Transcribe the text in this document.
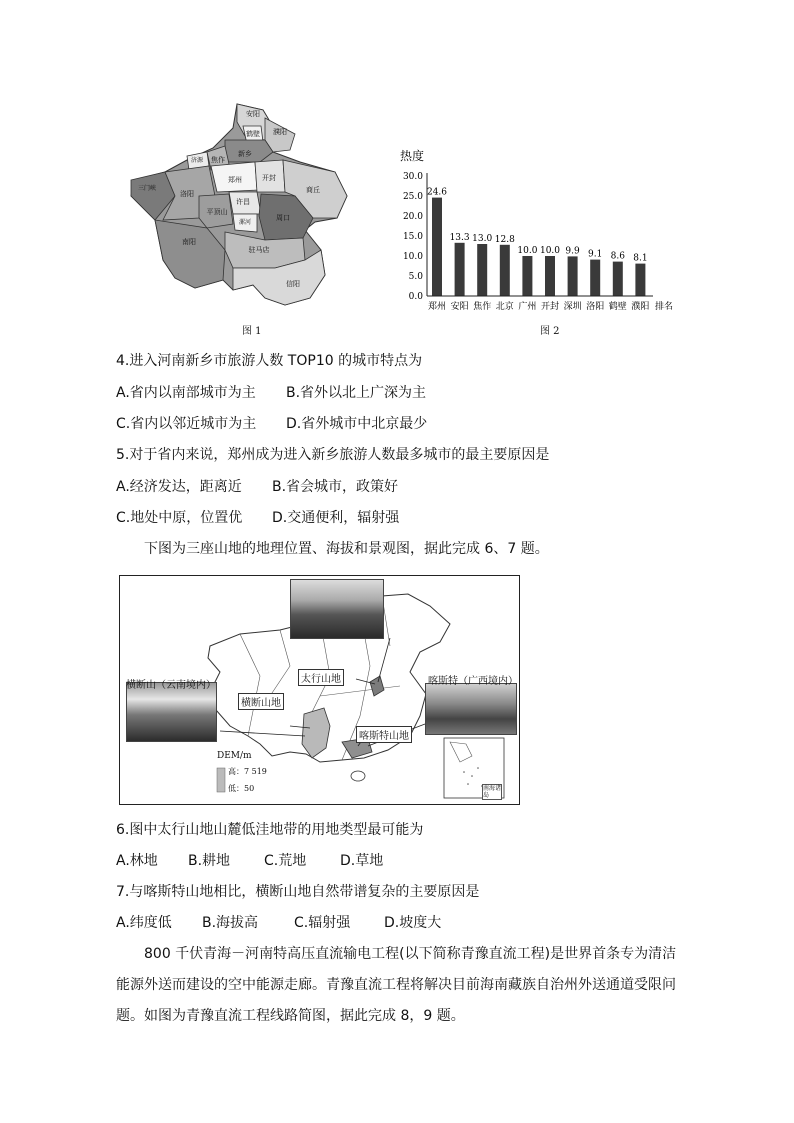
安阳
鹤壁 濮阳
济源 焦作
新乡
三门峡
洛阳
郑州	开封
商丘
许昌
平顶山
漯河
周口
南阳
驻马店
信阳
图 1
热度
30.0
25.0
20.0
15.0
10.0
5.0
0.0
24.6
13.3 13.0 12.8
10.0 10.0 9.9 9.1 8.6 8.1
郑州 安阳 焦作 北京 广州 开封 深圳 洛阳 鹤壁 濮阳 排名
图 2
4.进入河南新乡市旅游人数 TOP10 的城市特点为
A.省内以南部城市为主 B.省外以北上广深为主
C.省内以邻近城市为主 D.省外城市中北京最少
5.对于省内来说，郑州成为进入新乡旅游人数最多城市的最主要原因是
A.经济发达，距离近 B.省会城市，政策好
C.地处中原，位置优 D.交通便利，辐射强
下图为三座山地的地理位置、海拔和景观图，据此完成 6、7 题。
横断山（云南境内）	喀斯特（广西境内）
太行山地
横断山地
喀斯特山地
DEM/m
高：7 519
低：50	南海诸岛
6.图中太行山地山麓低洼地带的用地类型最可能为
A.林地 B.耕地 C.荒地 D.草地
7.与喀斯特山地相比，横断山地自然带谱复杂的主要原因是
A.纬度低 B.海拔高	C.辐射强 D.坡度大
800 千伏青海－河南特高压直流输电工程(以下简称青豫直流工程)是世界首条专为清洁能源外送而建设的空中能源走廊。青豫直流工程将解决目前海南藏族自治州外送通道受限问题。如图为青豫直流工程线路简图，据此完成 8，9 题。
